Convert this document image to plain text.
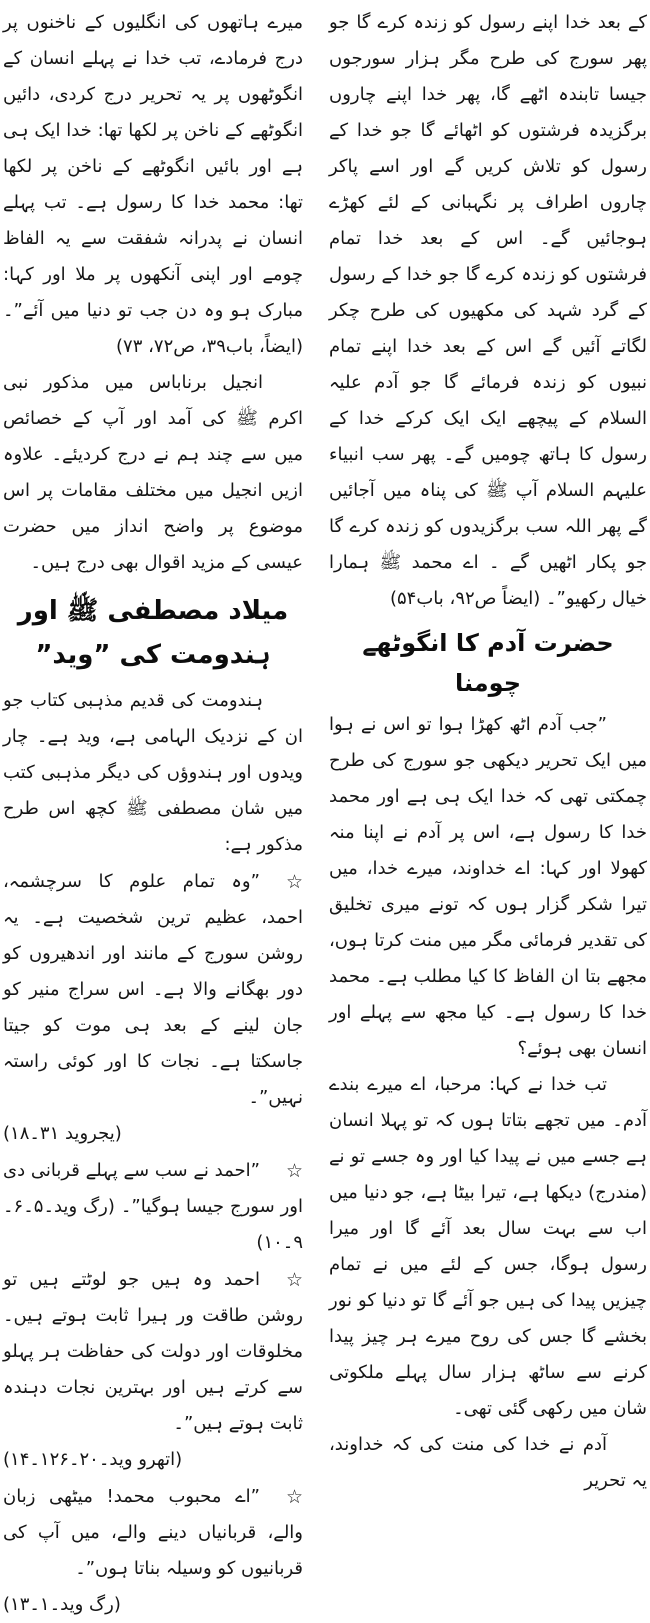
کے بعد خدا اپنے رسول کو زندہ کرے گا جو پھر سورج کی طرح مگر ہزار سورجوں جیسا تابندہ اٹھے گا، پھر خدا اپنے چاروں برگزیدہ فرشتوں کو اٹھائے گا جو خدا کے رسول کو تلاش کریں گے اور اسے پاکر چاروں اطراف پر نگہبانی کے لئے کھڑے ہوجائیں گے۔ اس کے بعد خدا تمام فرشتوں کو زندہ کرے گا جو خدا کے رسول کے گرد شہد کی مکھیوں کی طرح چکر لگاتے آئیں گے اس کے بعد خدا اپنے تمام نبیوں کو زندہ فرمائے گا جو آدم علیہ السلام کے پیچھے ایک ایک کرکے خدا کے رسول کا ہاتھ چومیں گے۔ پھر سب انبیاء علیہم السلام آپ ﷺ کی پناہ میں آجائیں گے پھر اللہ سب برگزیدوں کو زندہ کرے گا جو پکار اٹھیں گے ۔ اے محمد ﷺ ہمارا خیال رکھیو”۔ (ایضاً ص۹۲، باب۵۴)

حضرت آدم کا انگوٹھے چومنا

”جب آدم اٹھ کھڑا ہوا تو اس نے ہوا میں ایک تحریر دیکھی جو سورج کی طرح چمکتی تھی کہ خدا ایک ہی ہے اور محمد خدا کا رسول ہے، اس پر آدم نے اپنا منہ کھولا اور کہا: اے خداوند، میرے خدا، میں تیرا شکر گزار ہوں کہ تونے میری تخلیق کی تقدیر فرمائی مگر میں منت کرتا ہوں، مجھے بتا ان الفاظ کا کیا مطلب ہے۔ محمد خدا کا رسول ہے۔ کیا مجھ سے پہلے اور انسان بھی ہوئے؟

تب خدا نے کہا: مرحبا، اے میرے بندے آدم۔ میں تجھے بتاتا ہوں کہ تو پہلا انسان ہے جسے میں نے پیدا کیا اور وہ جسے تو نے (مندرج) دیکھا ہے، تیرا بیٹا ہے، جو دنیا میں اب سے بہت سال بعد آئے گا اور میرا رسول ہوگا، جس کے لئے میں نے تمام چیزیں پیدا کی ہیں جو آئے گا تو دنیا کو نور بخشے گا جس کی روح میرے ہر چیز پیدا کرنے سے ساٹھ ہزار سال پہلے ملکوتی شان میں رکھی گئی تھی۔

آدم نے خدا کی منت کی کہ خداوند، یہ تحریر

میرے ہاتھوں کی انگلیوں کے ناخنوں پر درج فرمادے، تب خدا نے پہلے انسان کے انگوٹھوں پر یہ تحریر درج کردی، دائیں انگوٹھے کے ناخن پر لکھا تھا: خدا ایک ہی ہے اور بائیں انگوٹھے کے ناخن پر لکھا تھا: محمد خدا کا رسول ہے۔ تب پہلے انسان نے پدرانہ شفقت سے یہ الفاظ چومے اور اپنی آنکھوں پر ملا اور کہا: مبارک ہو وہ دن جب تو دنیا میں آئے”۔ (ایضاً، باب۳۹، ص۷۲، ۷۳)

انجیل برناباس میں مذکور نبی اکرم ﷺ کی آمد اور آپ کے خصائص میں سے چند ہم نے درج کردیئے۔ علاوہ ازیں انجیل میں مختلف مقامات پر اس موضوع پر واضح انداز میں حضرت عیسی کے مزید اقوال بھی درج ہیں۔

میلاد مصطفی ﷺ اور ہندومت کی ”وید”

ہندومت کی قدیم مذہبی کتاب جو ان کے نزدیک الہامی ہے، وید ہے۔ چار ویدوں اور ہندوؤں کی دیگر مذہبی کتب میں شان مصطفی ﷺ کچھ اس طرح مذکور ہے:

☆”وہ تمام علوم کا سرچشمہ، احمد، عظیم ترین شخصیت ہے۔ یہ روشن سورج کے مانند اور اندھیروں کو دور بھگانے والا ہے۔ اس سراج منیر کو جان لینے کے بعد ہی موت کو جیتا جاسکتا ہے۔ نجات کا اور کوئی راستہ نہیں”۔
(یجروید ۳۱۔۱۸)
☆”احمد نے سب سے پہلے قربانی دی اور سورج جیسا ہوگیا”۔ (رگ وید۔۵۔۶۔۹۔۱۰)
☆احمد وہ ہیں جو لوٹتے ہیں تو روشن طاقت ور ہیرا ثابت ہوتے ہیں۔ مخلوقات اور دولت کی حفاظت ہر پہلو سے کرتے ہیں اور بہترین نجات دہندہ ثابت ہوتے ہیں”۔
(اتھرو وید۔۲۰۔۱۲۶۔۱۴)
☆”اے محبوب محمد! میٹھی زبان والے، قربانیاں دینے والے، میں آپ کی قربانیوں کو وسیلہ بناتا ہوں”۔
(رگ وید۔۱۔۱۳)
